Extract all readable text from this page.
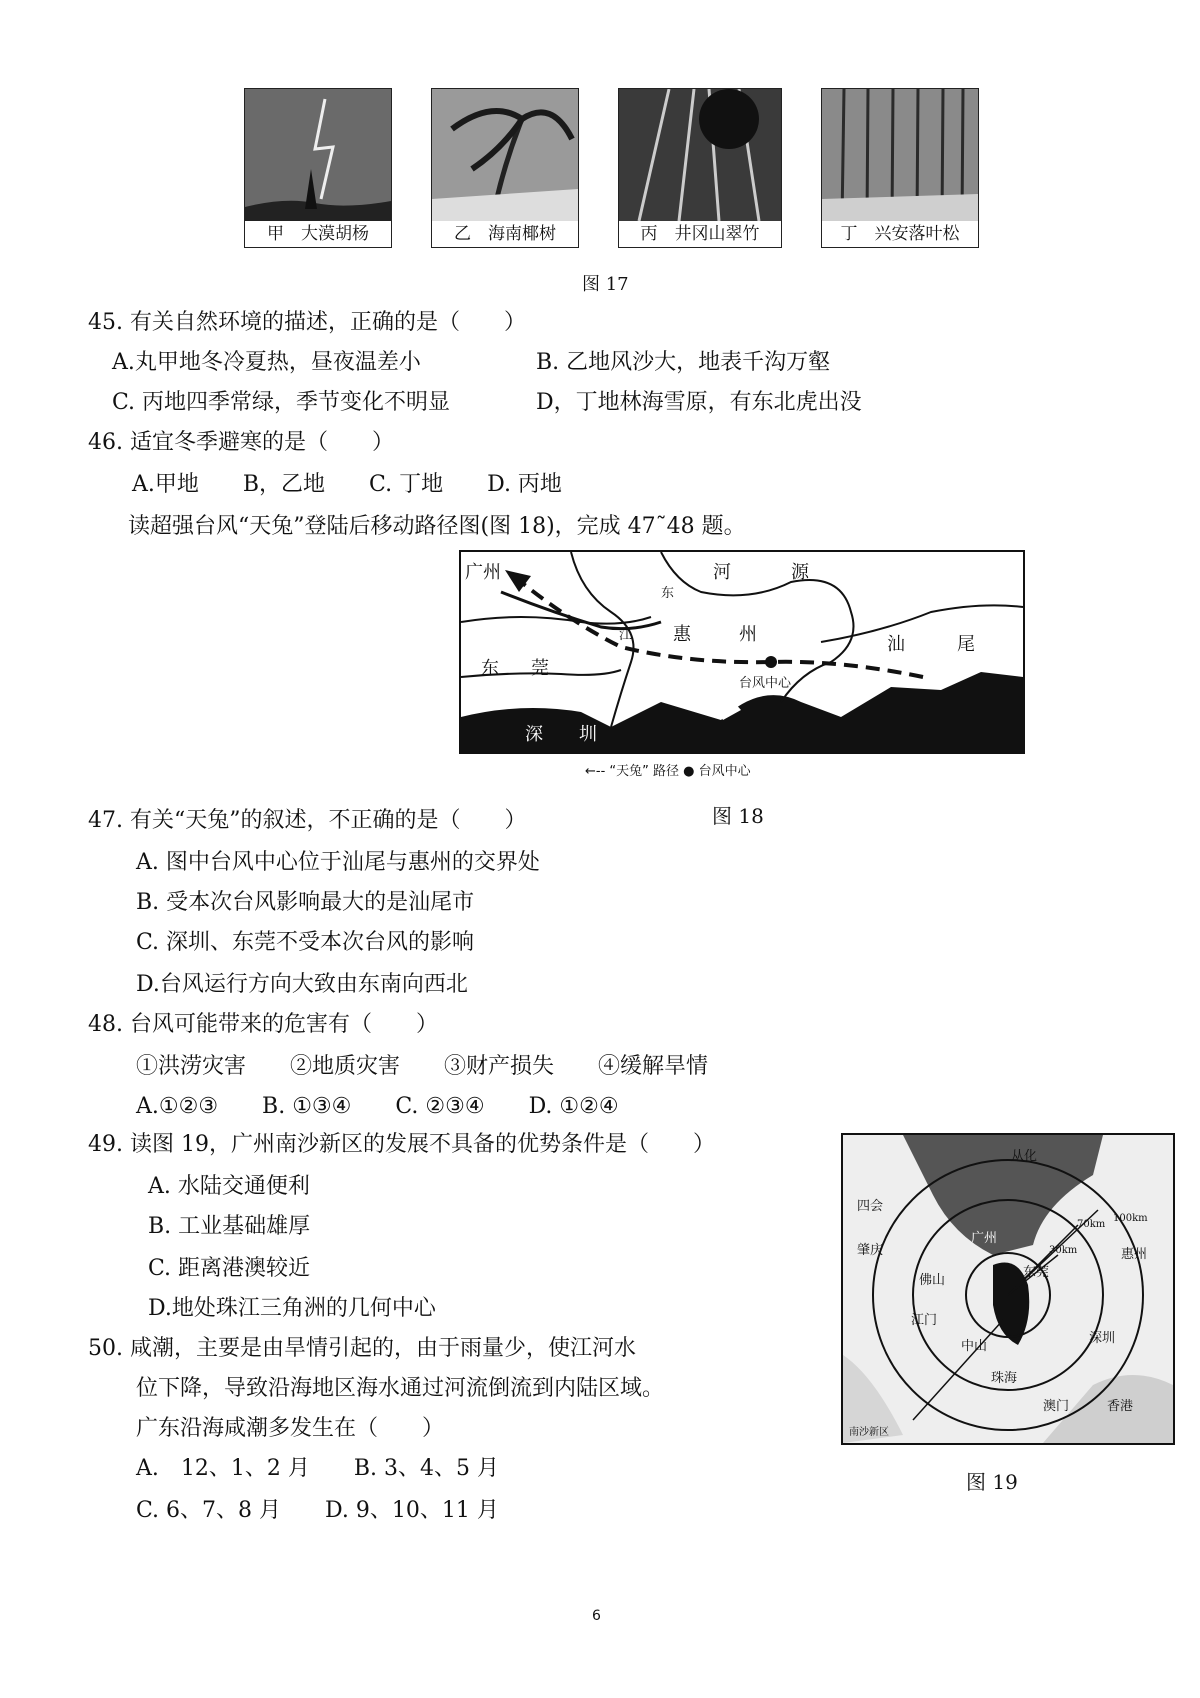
甲　大漠胡杨	乙　海南椰树	丙　井冈山翠竹	丁　兴安落叶松
图 17
45. 有关自然环境的描述，正确的是（　　）
A.丸甲地冬冷夏热，昼夜温差小	B. 乙地风沙大，地表千沟万壑
C. 丙地四季常绿，季节变化不明显	D，丁地林海雪原，有东北虎出没
46. 适宜冬季避寒的是（　　）
A.甲地　　B，乙地　　C. 丁地　　D. 丙地
读超强台风“天兔”登陆后移动路径图(图 18)，完成 47˜48 题。
广州	河	源
东
江 惠	州	汕	尾
东 莞
深 圳
台风中心
←-- “天兔” 路径 ● 台风中心
图 18
47. 有关“天兔”的叙述，不正确的是（　　）
A. 图中台风中心位于汕尾与惠州的交界处
B. 受本次台风影响最大的是汕尾市
C. 深圳、东莞不受本次台风的影响
D.台风运行方向大致由东南向西北
48. 台风可能带来的危害有（　　）
①洪涝灾害　　②地质灾害　　③财产损失　　④缓解旱情
A.①②③　　B. ①③④　　C. ②③④　　D. ①②④
49. 读图 19，广州南沙新区的发展不具备的优势条件是（　　）
A. 水陆交通便利
B. 工业基础雄厚
C. 距离港澳较近
D.地处珠江三角洲的几何中心
从化
四会
肇庆
广州
佛山
东莞
惠州
江门
中山
深圳
珠海
澳门	香港
南沙新区
30km
70km
100km
图 19
50. 咸潮，主要是由旱情引起的，由于雨量少，使江河水
位下降，导致沿海地区海水通过河流倒流到内陆区域。
广东沿海咸潮多发生在（　　）
A.　12、1、2 月　　B. 3、4、5 月
C. 6、7、8 月　　D. 9、10、11 月
6
